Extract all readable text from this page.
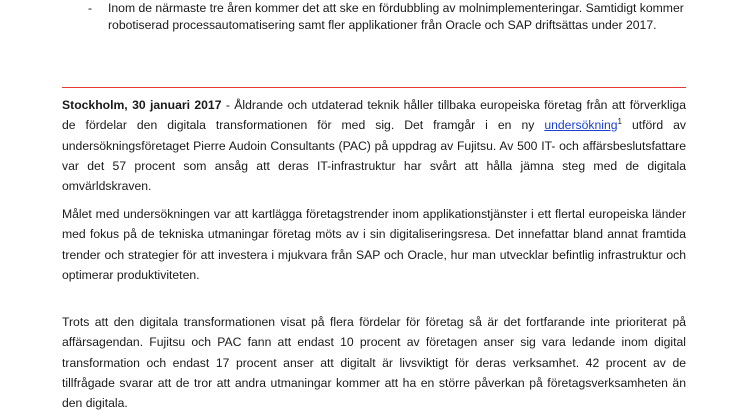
-	Inom de närmaste tre åren kommer det att ske en fördubbling av molnimplementeringar. Samtidigt kommer robotiserad processautomatisering samt fler applikationer från Oracle och SAP driftsättas under 2017.

Stockholm, 30 januari 2017 - Åldrande och utdaterad teknik håller tillbaka europeiska företag från att förverkliga de fördelar den digitala transformationen för med sig. Det framgår i en ny undersökning$^1$ utförd av undersökningsföretaget Pierre Audoin Consultants (PAC) på uppdrag av Fujitsu. Av 500 IT- och affärsbeslutsfattare var det 57 procent som ansåg att deras IT-infrastruktur har svårt att hålla jämna steg med de digitala omvärldskraven.

Målet med undersökningen var att kartlägga företagstrender inom applikationstjänster i ett flertal europeiska länder med fokus på de tekniska utmaningar företag möts av i sin digitaliseringsresa. Det innefattar bland annat framtida trender och strategier för att investera i mjukvara från SAP och Oracle, hur man utvecklar befintlig infrastruktur och optimerar produktiviteten.

Trots att den digitala transformationen visat på flera fördelar för företag så är det fortfarande inte prioriterat på affärsagendan. Fujitsu och PAC fann att endast 10 procent av företagen anser sig vara ledande inom digital transformation och endast 17 procent anser att digitalt är livsviktigt för deras verksamhet. 42 procent av de tillfrågade svarar att de tror att andra utmaningar kommer att ha en större påverkan på företagsverksamheten än den digitala.
